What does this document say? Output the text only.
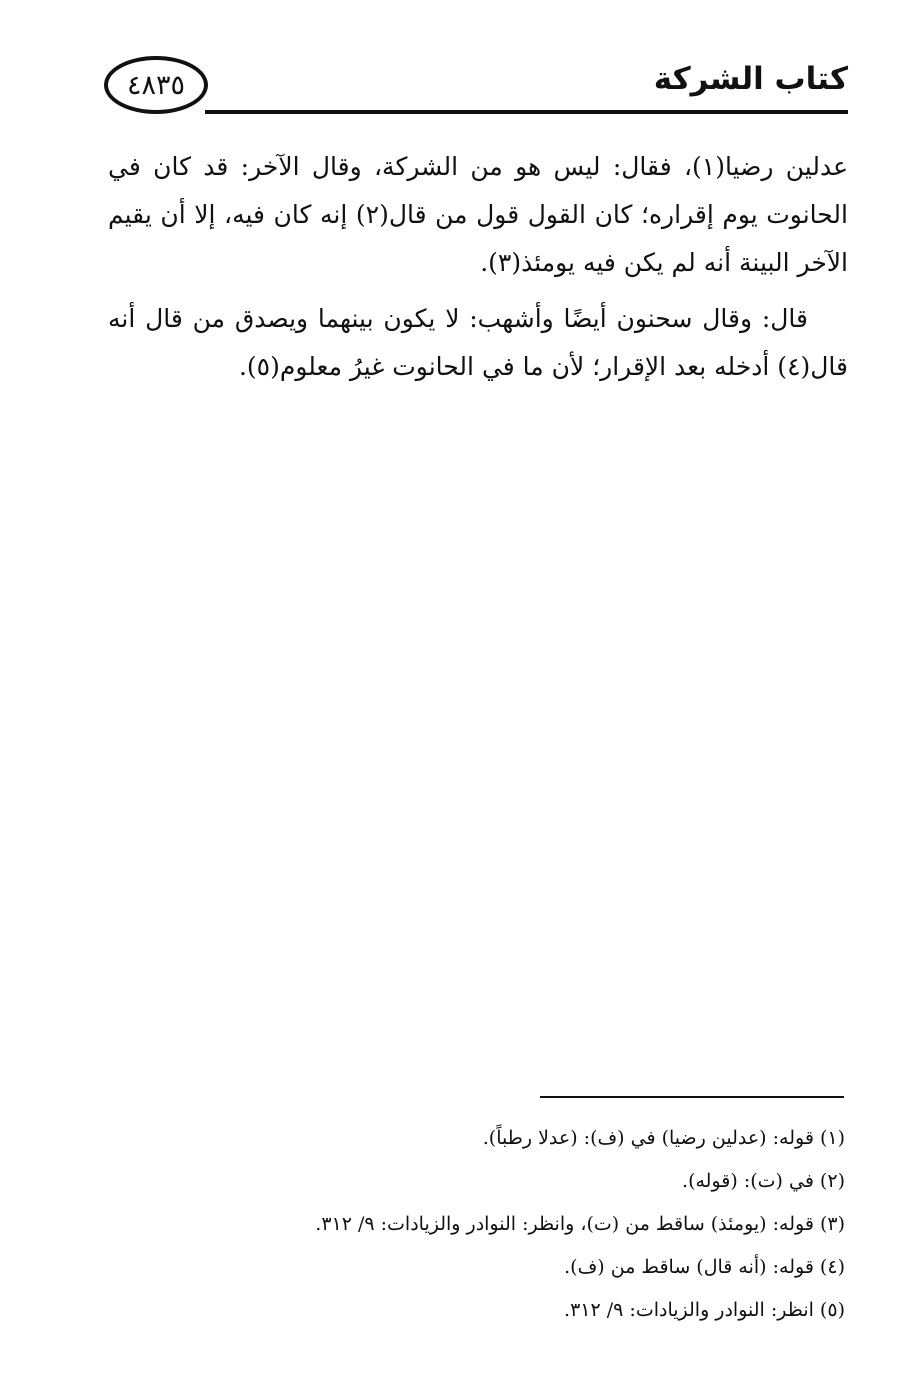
٤٨٣٥	كتاب الشركة

عدلين رضيا(١)، فقال: ليس هو من الشركة، وقال الآخر: قد كان في الحانوت يوم إقراره؛ كان القول قول من قال(٢) إنه كان فيه، إلا أن يقيم الآخر البينة أنه لم يكن فيه يومئذ(٣).

قال: وقال سحنون أيضًا وأشهب: لا يكون بينهما ويصدق من قال أنه قال(٤) أدخله بعد الإقرار؛ لأن ما في الحانوت غيرُ معلوم(٥).

(١) قوله: (عدلين رضيا) في (ف): (عدلا رطباً).
(٢) في (ت): (قوله).
(٣) قوله: (يومئذ) ساقط من (ت)، وانظر: النوادر والزيادات: ٩/ ٣١٢.
(٤) قوله: (أنه قال) ساقط من (ف).
(٥) انظر: النوادر والزيادات: ٩/ ٣١٢.
